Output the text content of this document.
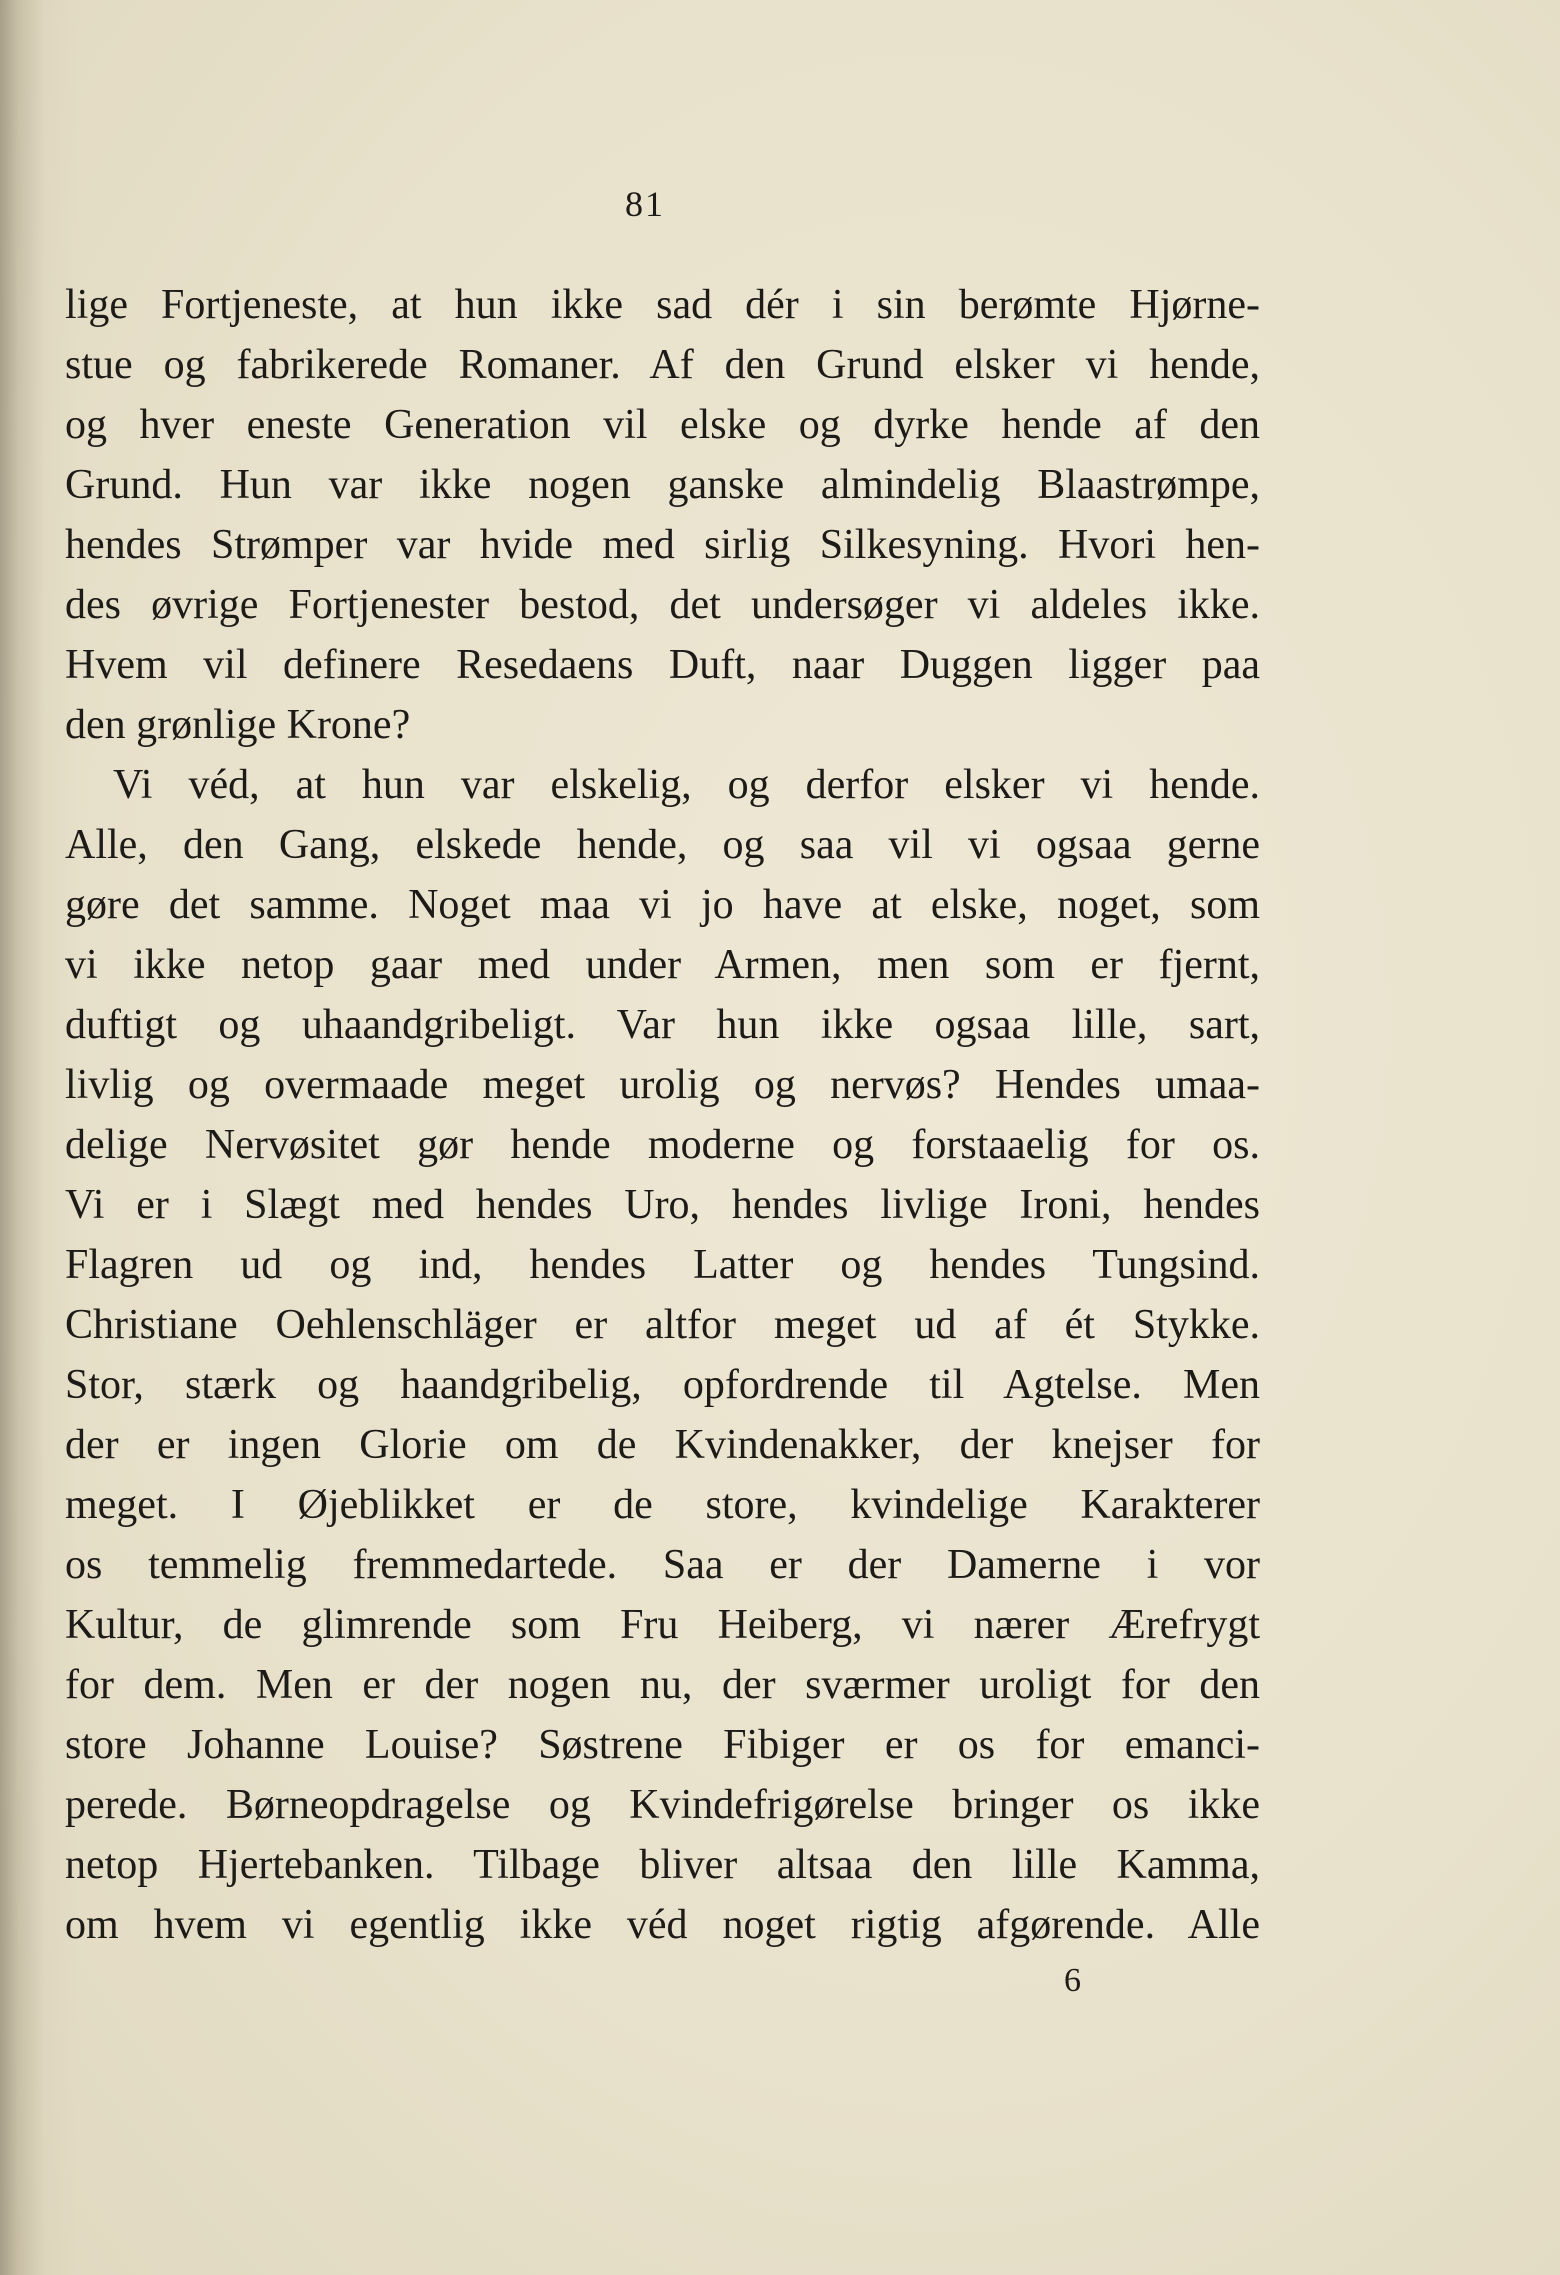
81
lige Fortjeneste, at hun ikke sad dér i sin berømte Hjørne-
stue og fabrikerede Romaner. Af den Grund elsker vi hende,
og hver eneste Generation vil elske og dyrke hende af den
Grund. Hun var ikke nogen ganske almindelig Blaastrømpe,
hendes Strømper var hvide med sirlig Silkesyning. Hvori hen-
des øvrige Fortjenester bestod, det undersøger vi aldeles ikke.
Hvem vil definere Resedaens Duft, naar Duggen ligger paa
den grønlige Krone?
Vi véd, at hun var elskelig, og derfor elsker vi hende.
Alle, den Gang, elskede hende, og saa vil vi ogsaa gerne
gøre det samme. Noget maa vi jo have at elske, noget, som
vi ikke netop gaar med under Armen, men som er fjernt,
duftigt og uhaandgribeligt. Var hun ikke ogsaa lille, sart,
livlig og overmaade meget urolig og nervøs? Hendes umaa-
delige Nervøsitet gør hende moderne og forstaaelig for os.
Vi er i Slægt med hendes Uro, hendes livlige Ironi, hendes
Flagren ud og ind, hendes Latter og hendes Tungsind.
Christiane Oehlenschläger er altfor meget ud af ét Stykke.
Stor, stærk og haandgribelig, opfordrende til Agtelse. Men
der er ingen Glorie om de Kvindenakker, der knejser for
meget. I Øjeblikket er de store, kvindelige Karakterer
os temmelig fremmedartede. Saa er der Damerne i vor
Kultur, de glimrende som Fru Heiberg, vi nærer Ærefrygt
for dem. Men er der nogen nu, der sværmer uroligt for den
store Johanne Louise? Søstrene Fibiger er os for emanci-
perede. Børneopdragelse og Kvindefrigørelse bringer os ikke
netop Hjertebanken. Tilbage bliver altsaa den lille Kamma,
om hvem vi egentlig ikke véd noget rigtig afgørende. Alle
6
